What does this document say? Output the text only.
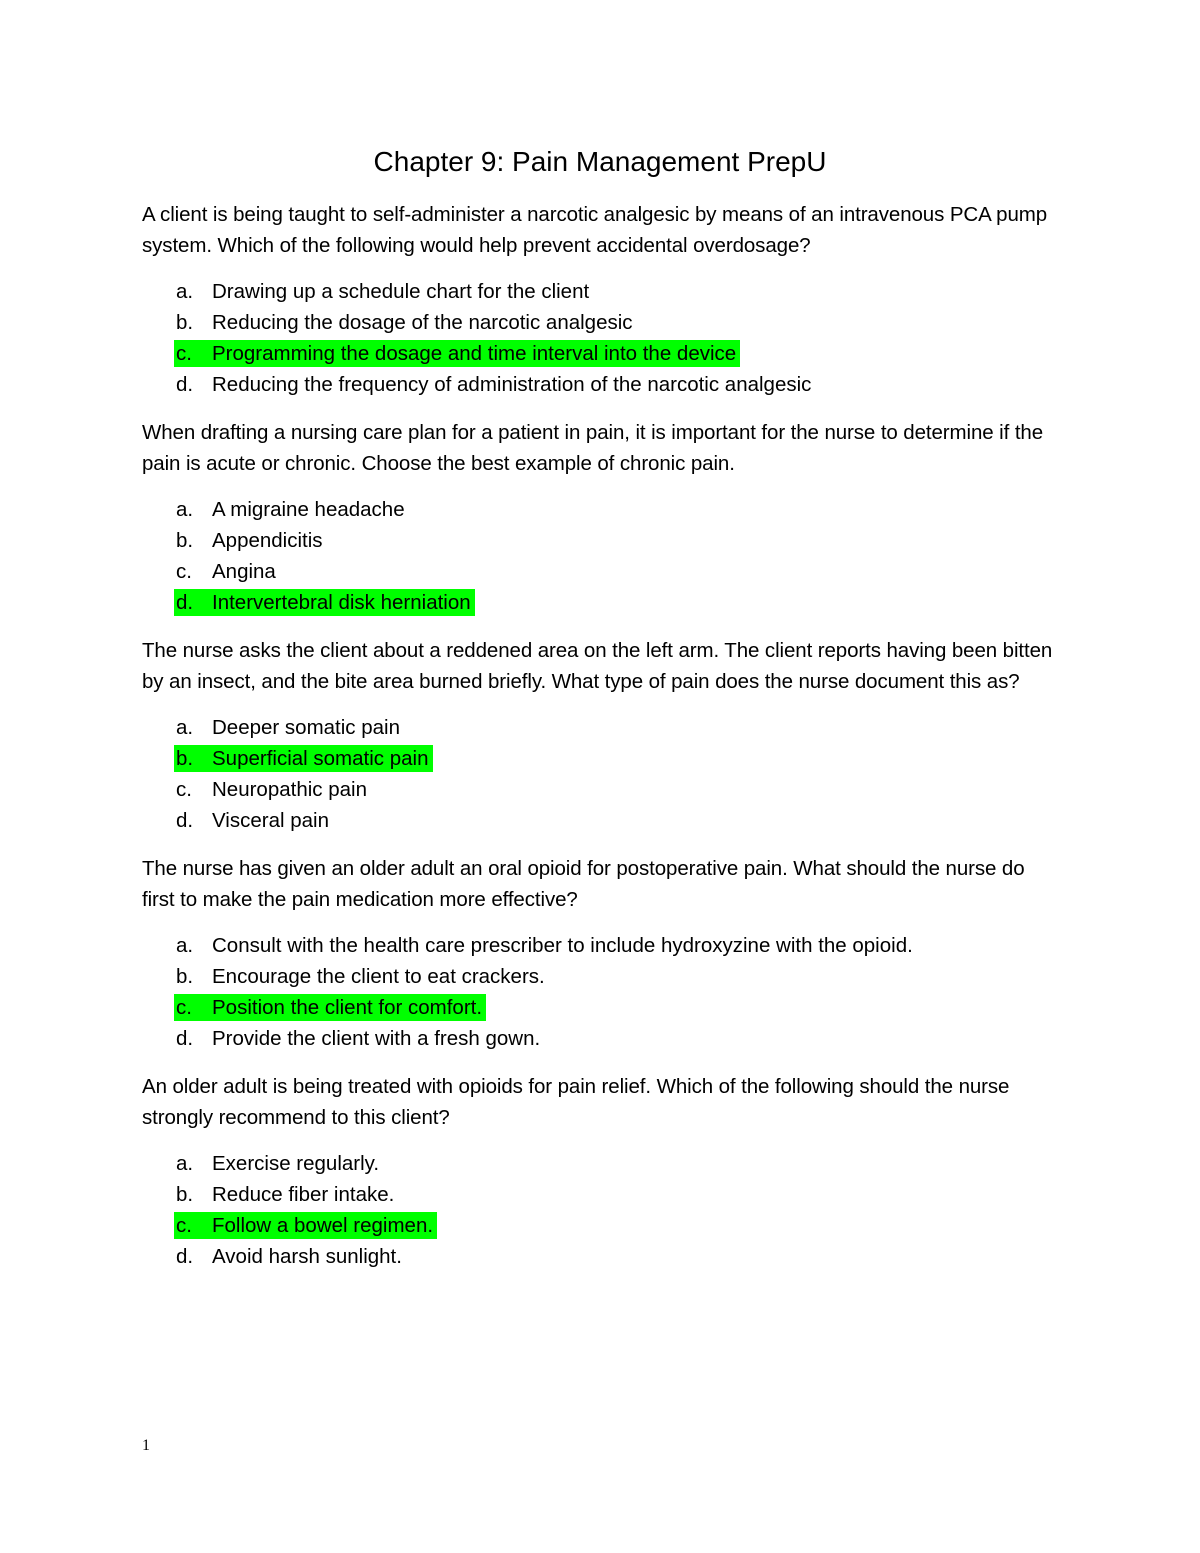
Chapter 9: Pain Management PrepU

A client is being taught to self-administer a narcotic analgesic by means of an intravenous PCA pump system. Which of the following would help prevent accidental overdosage?

a. Drawing up a schedule chart for the client
b. Reducing the dosage of the narcotic analgesic
c. Programming the dosage and time interval into the device
d. Reducing the frequency of administration of the narcotic analgesic

When drafting a nursing care plan for a patient in pain, it is important for the nurse to determine if the pain is acute or chronic. Choose the best example of chronic pain.

a. A migraine headache
b. Appendicitis
c. Angina
d. Intervertebral disk herniation

The nurse asks the client about a reddened area on the left arm. The client reports having been bitten by an insect, and the bite area burned briefly. What type of pain does the nurse document this as?

a. Deeper somatic pain
b. Superficial somatic pain
c. Neuropathic pain
d. Visceral pain

The nurse has given an older adult an oral opioid for postoperative pain. What should the nurse do first to make the pain medication more effective?

a. Consult with the health care prescriber to include hydroxyzine with the opioid.
b. Encourage the client to eat crackers.
c. Position the client for comfort.
d. Provide the client with a fresh gown.

An older adult is being treated with opioids for pain relief. Which of the following should the nurse strongly recommend to this client?

a. Exercise regularly.
b. Reduce fiber intake.
c. Follow a bowel regimen.
d. Avoid harsh sunlight.
1
